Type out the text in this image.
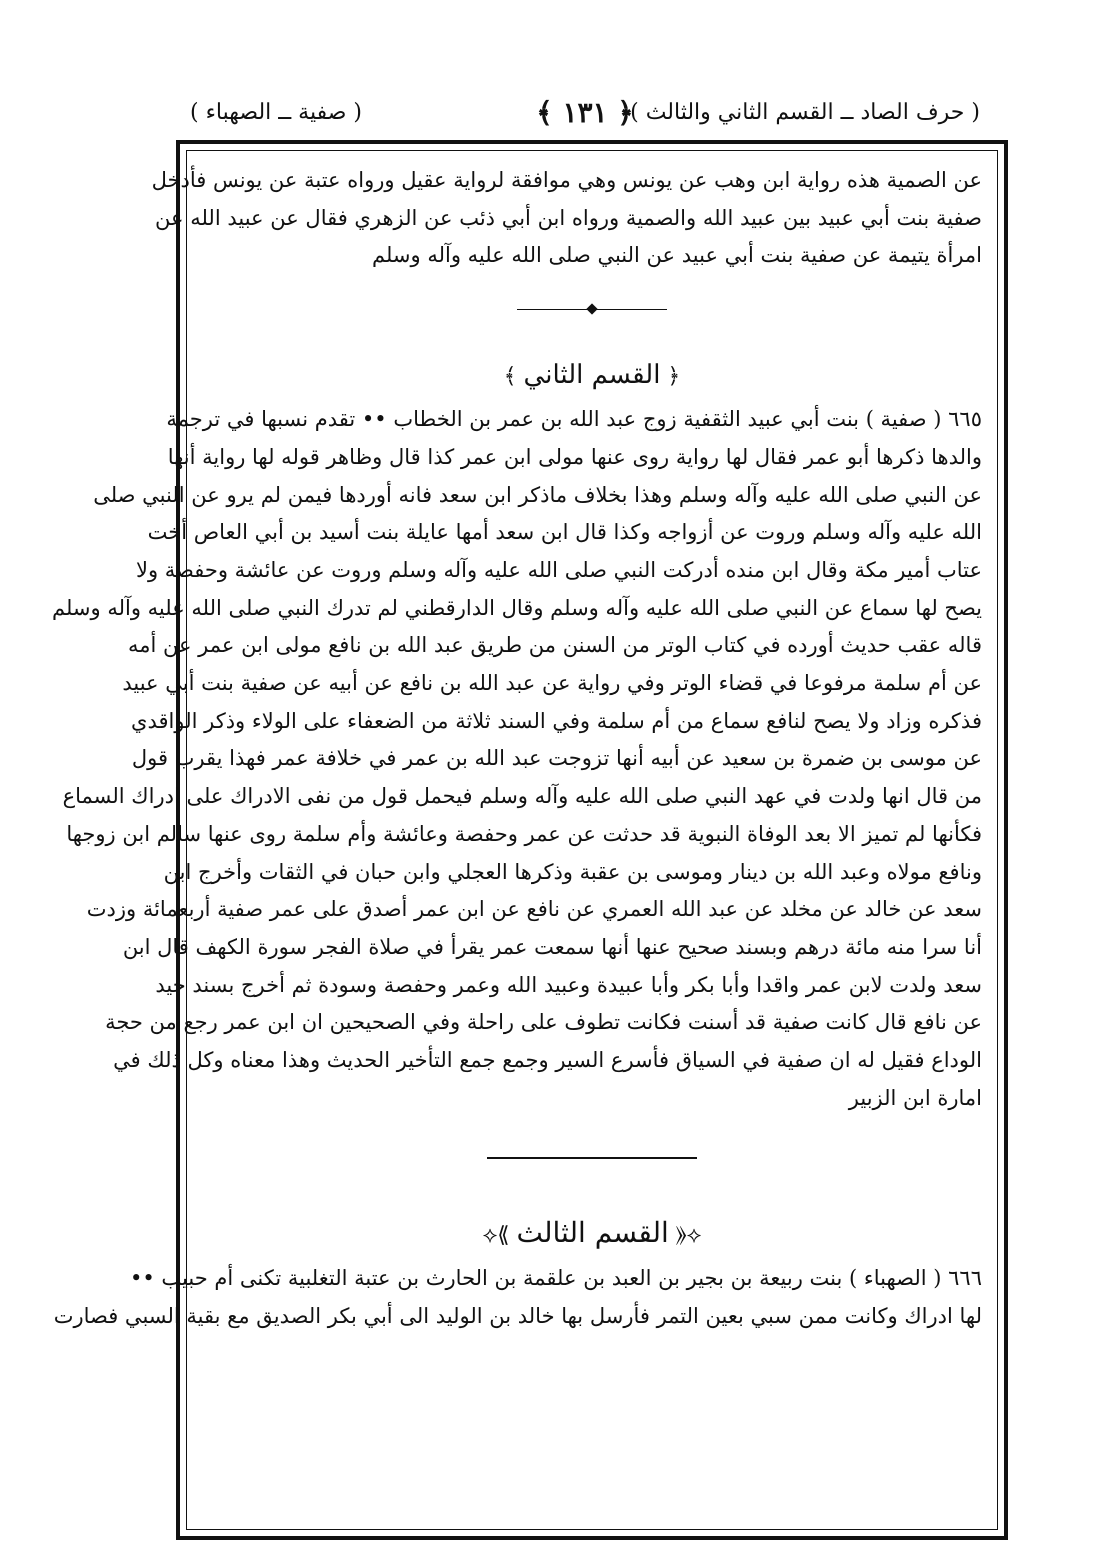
( حرف الصاد ــ القسم الثاني والثالث )
﴿ ١٣١ ﴾
( صفية ــ الصهباء )
عن الصمية هذه رواية ابن وهب عن يونس وهي موافقة لرواية عقيل ورواه عتبة عن يونس فأدخل
صفية بنت أبي عبيد بين عبيد الله والصمية ورواه ابن أبي ذئب عن الزهري فقال عن عبيد الله عن
امرأة يتيمة عن صفية بنت أبي عبيد عن النبي صلى الله عليه وآله وسلم
﴿ القسم الثاني ﴾
٦٦٥ ( صفية ) بنت أبي عبيد الثقفية زوج عبد الله بن عمر بن الخطاب •• تقدم نسبها في ترجمة
والدها ذكرها أبو عمر فقال لها رواية روى عنها مولى ابن عمر كذا قال وظاهر قوله لها رواية أنها
عن النبي صلى الله عليه وآله وسلم وهذا بخلاف ماذكر ابن سعد فانه أوردها فيمن لم يرو عن النبي صلى
الله عليه وآله وسلم وروت عن أزواجه وكذا قال ابن سعد أمها عايلة بنت أسيد بن أبي العاص أخت
عتاب أمير مكة وقال ابن منده أدركت النبي صلى الله عليه وآله وسلم وروت عن عائشة وحفصة ولا
يصح لها سماع عن النبي صلى الله عليه وآله وسلم وقال الدارقطني لم تدرك النبي صلى الله عليه وآله وسلم
قاله عقب حديث أورده في كتاب الوتر من السنن من طريق عبد الله بن نافع مولى ابن عمر عن أمه
عن أم سلمة مرفوعا في قضاء الوتر وفي رواية عن عبد الله بن نافع عن أبيه عن صفية بنت أبي عبيد
فذكره وزاد ولا يصح لنافع سماع من أم سلمة وفي السند ثلاثة من الضعفاء على الولاء وذكر الواقدي
عن موسى بن ضمرة بن سعيد عن أبيه أنها تزوجت عبد الله بن عمر في خلافة عمر فهذا يقرب قول
من قال انها ولدت في عهد النبي صلى الله عليه وآله وسلم فيحمل قول من نفى الادراك على ادراك السماع
فكأنها لم تميز الا بعد الوفاة النبوية قد حدثت عن عمر وحفصة وعائشة وأم سلمة روى عنها سالم ابن زوجها
ونافع مولاه وعبد الله بن دينار وموسى بن عقبة وذكرها العجلي وابن حبان في الثقات وأخرج ابن
سعد عن خالد عن مخلد عن عبد الله العمري عن نافع عن ابن عمر أصدق على عمر صفية أربعمائة وزدت
أنا سرا منه مائة درهم وبسند صحيح عنها أنها سمعت عمر يقرأ في صلاة الفجر سورة الكهف قال ابن
سعد ولدت لابن عمر واقدا وأبا بكر وأبا عبيدة وعبيد الله وعمر وحفصة وسودة ثم أخرج بسند جيد
عن نافع قال كانت صفية قد أسنت فكانت تطوف على راحلة وفي الصحيحين ان ابن عمر رجع من حجة
الوداع فقيل له ان صفية في السياق فأسرع السير وجمع جمع التأخير الحديث وهذا معناه وكل ذلك في
امارة ابن الزبير
⟡⟪ القسم الثالث ⟫⟡
٦٦٦ ( الصهباء ) بنت ربيعة بن بجير بن العبد بن علقمة بن الحارث بن عتبة التغلبية تكنى أم حبيب ••
لها ادراك وكانت ممن سبي بعين التمر فأرسل بها خالد بن الوليد الى أبي بكر الصديق مع بقية السبي فصارت
